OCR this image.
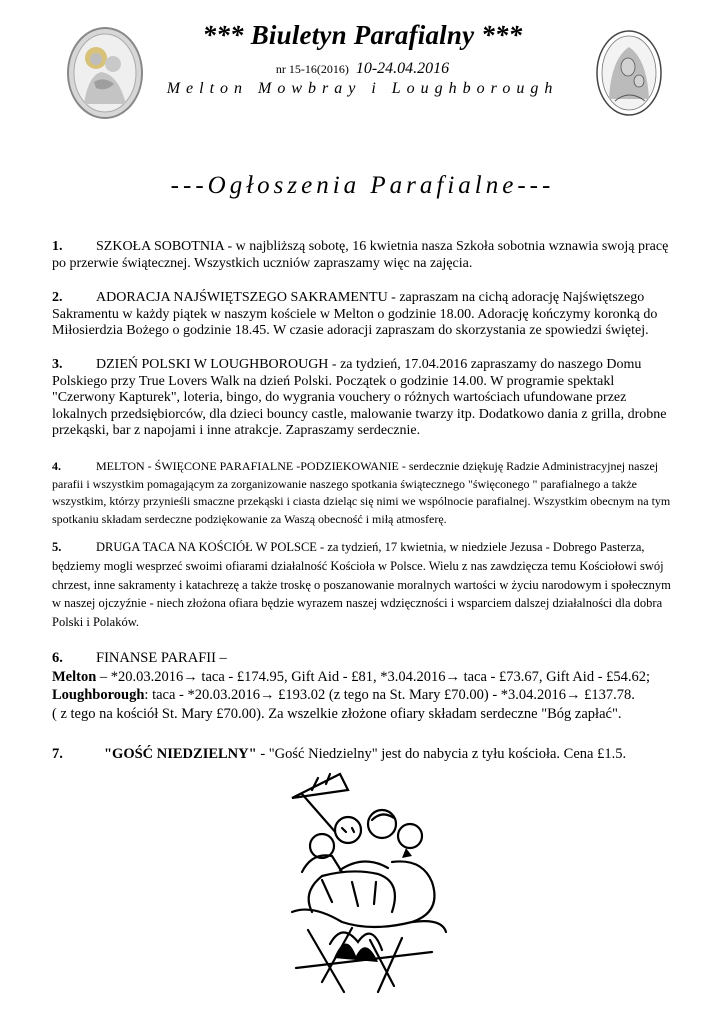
*** Biuletyn Parafialny ***
nr 15-16(2016) 10-24.04.2016
Melton Mowbray i Loughborough
---Ogłoszenia Parafialne---
1. SZKOŁA SOBOTNIA - w najbliższą sobotę, 16 kwietnia nasza Szkoła sobotnia wznawia swoją pracę po przerwie świątecznej. Wszystkich uczniów zapraszamy więc na zajęcia.
2. ADORACJA NAJŚWIĘTSZEGO SAKRAMENTU - zapraszam na cichą adorację Najświętszego Sakramentu w każdy piątek w naszym kościele w Melton o godzinie 18.00. Adorację kończymy koronką do Miłosierdzia Bożego o godzinie 18.45. W czasie adoracji zapraszam do skorzystania ze spowiedzi świętej.
3. DZIEŃ POLSKI W LOUGHBOROUGH - za tydzień, 17.04.2016 zapraszamy do naszego Domu Polskiego przy True Lovers Walk na dzień Polski. Początek o godzinie 14.00. W programie spektakl "Czerwony Kapturek", loteria, bingo, do wygrania vouchery o różnych wartościach ufundowane przez lokalnych przedsiębiorców, dla dzieci bouncy castle, malowanie twarzy itp. Dodatkowo dania z grilla, drobne przekąski, bar z napojami i inne atrakcje. Zapraszamy serdecznie.
4.	MELTON - ŚWIĘCONE PARAFIALNE -PODZIEKOWANIE - serdecznie dziękuję Radzie Administracyjnej naszej parafii i wszystkim pomagającym za zorganizowanie naszego spotkania świątecznego "święconego " parafialnego a także wszystkim, którzy przynieśli smaczne przekąski i ciasta dzieląc się nimi we wspólnocie parafialnej. Wszystkim obecnym na tym spotkaniu składam serdeczne podziękowanie za Waszą obecność i miłą atmosferę.
5.	DRUGA TACA NA KOŚCIÓŁ W POLSCE - za tydzień, 17 kwietnia, w niedziele Jezusa - Dobrego Pasterza, będziemy mogli wesprzeć swoimi ofiarami działalność Kościoła w Polsce. Wielu z nas zawdzięcza temu Kościołowi swój chrzest, inne sakramenty i katachrezę a także troskę o poszanowanie moralnych wartości w życiu narodowym i społecznym w naszej ojczyźnie - niech złożona ofiara będzie wyrazem naszej wdzięczności i wsparciem dalszej działalności dla dobra Polski i Polaków.
6. FINANSE PARAFII –
Melton – *20.03.2016→ taca - £174.95, Gift Aid - £81, *3.04.2016→ taca - £73.67, Gift Aid - £54.62;
Loughborough: taca - *20.03.2016→ £193.02 (z tego na St. Mary £70.00) - *3.04.2016→ £137.78.
( z tego na kościół St. Mary £70.00). Za wszelkie złożone ofiary składam serdeczne "Bóg zapłać".
7.	"GOŚĆ NIEDZIELNY" - "Gość Niedzielny" jest do nabycia z tyłu kościoła. Cena £1.5.
